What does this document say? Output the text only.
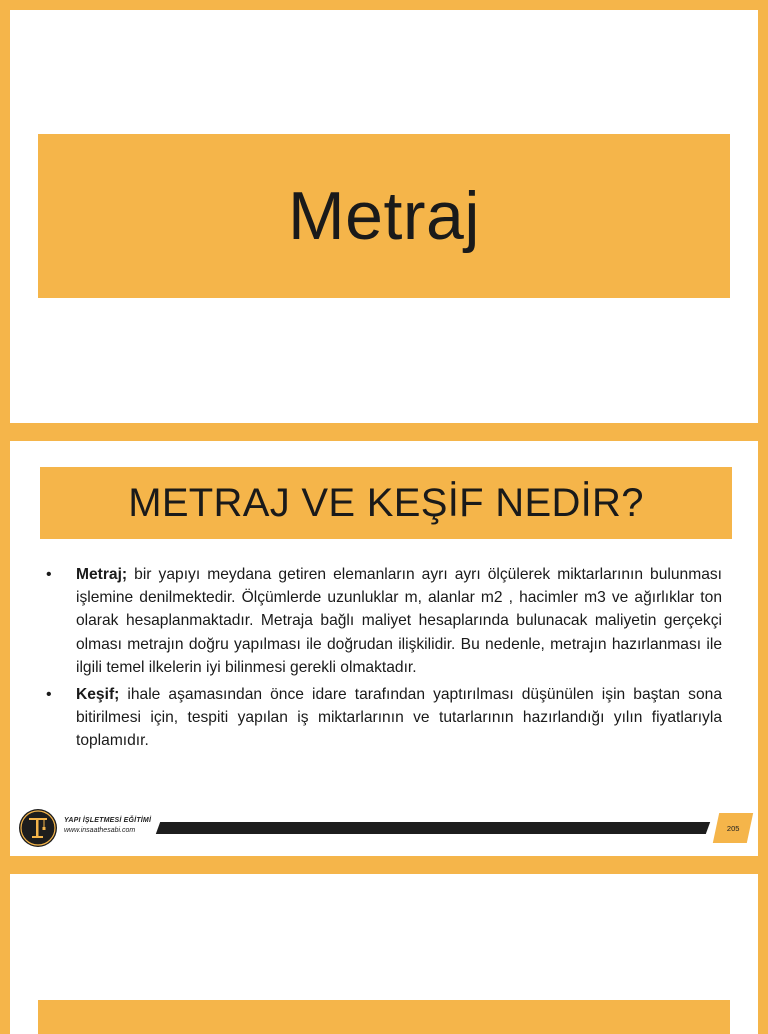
Metraj
METRAJ VE KEŞİF NEDİR?
•	Metraj; bir yapıyı meydana getiren elemanların ayrı ayrı ölçülerek miktarlarının bulunması işlemine denilmektedir. Ölçümlerde uzunluklar m, alanlar m2 , hacimler m3 ve ağırlıklar ton olarak hesaplanmaktadır. Metraja bağlı maliyet hesaplarında bulunacak maliyetin gerçekçi olması metrajın doğru yapılması ile doğrudan ilişkilidir. Bu nedenle, metrajın hazırlanması ile ilgili temel ilkelerin iyi bilinmesi gerekli olmaktadır.

•	Keşif; ihale aşamasından önce idare tarafından yaptırılması düşünülen işin baştan sona bitirilmesi için, tespiti yapılan iş miktarlarının ve tutarlarının hazırlandığı yılın fiyatlarıyla toplamıdır.

YAPI İŞLETMESİ EĞİTİMİ
www.insaathesabi.com	205
